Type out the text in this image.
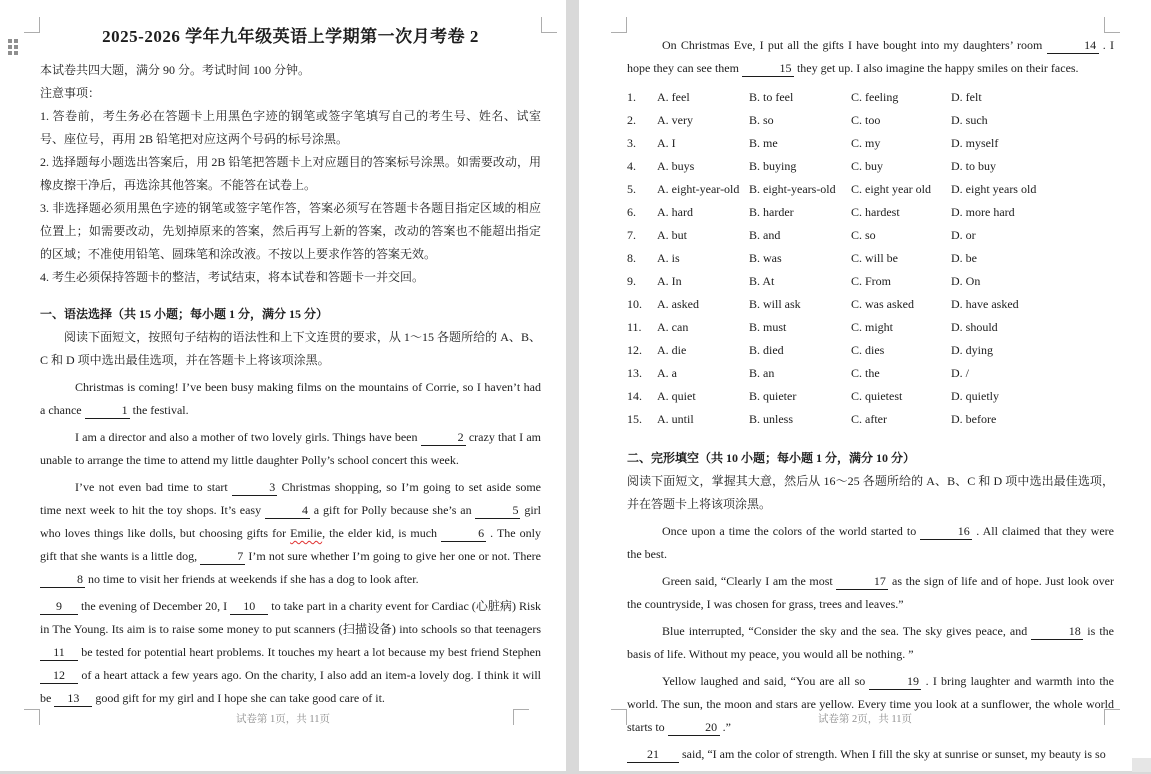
2025-2026 学年九年级英语上学期第一次月考卷 2

本试卷共四大题，满分 90 分。考试时间 100 分钟。

注意事项：

1. 答卷前，考生务必在答题卡上用黑色字迹的钢笔或签字笔填写自己的考生号、姓名、试室号、座位号，再用 2B 铅笔把对应这两个号码的标号涂黑。

2. 选择题每小题选出答案后，用 2B 铅笔把答题卡上对应题目的答案标号涂黑。如需要改动，用橡皮擦干净后，再选涂其他答案。不能答在试卷上。

3. 非选择题必须用黑色字迹的钢笔或签字笔作答，答案必须写在答题卡各题目指定区域的相应位置上；如需要改动，先划掉原来的答案，然后再写上新的答案，改动的答案也不能超出指定的区域；不准使用铅笔、圆珠笔和涂改液。不按以上要求作答的答案无效。

4. 考生必须保持答题卡的整洁，考试结束，将本试卷和答题卡一并交回。

一、语法选择（共 15 小题；每小题 1 分，满分 15 分）

阅读下面短文，按照句子结构的语法性和上下文连贯的要求，从 1～15 各题所给的 A、B、C 和 D 项中选出最佳选项，并在答题卡上将该项涂黑。

Christmas is coming! I’ve been busy making films on the mountains of Corrie, so I haven’t had a chance	1 the festival.

I am a director and also a mother of two lovely girls. Things have been	2 crazy that I am unable to arrange the time to attend my little daughter Polly’s school concert this week.

I’ve not even bad time to start	3 Christmas shopping, so I’m going to set aside some time next week to hit the toy shops. It’s easy	4 a gift for Polly because she’s an	5 girl who loves things like dolls, but choosing gifts for Emilie, the elder kid, is much	6 . The only gift that she wants is a little dog,	7 I’m not sure whether I’m going to give her one or not. There 8 no time to visit her friends at weekends if she has a dog to look after.

9 the evening of December 20, I 10 to take part in a charity event for Cardiac (心脏病) Risk in The Young. Its aim is to raise some money to put scanners (扫描设备) into schools so that teenagers 11 be tested for potential heart problems. It touches my heart a lot because my best friend Stephen 12 of a heart attack a few years ago. On the charity, I also add an item-a lovely dog. I think it will be 13 good gift for my girl and I hope she can take good care of it.

试卷第 1页，共 11页

On Christmas Eve, I put all the gifts I have bought into my daughters’ room	14 . I hope they can see them	15 they get up. I also imagine the happy smiles on their faces.

1.	A. feel	B. to feel	C. feeling	D. felt
2.	A. very	B. so	C. too	D. such
3.	A. I	B. me	C. my	D. myself
4.	A. buys	B. buying	C. buy	D. to buy
5.	A. eight-year-old B. eight-years-old	C. eight year old	D. eight years old
6.	A. hard	B. harder	C. hardest	D. more hard
7.	A. but	B. and	C. so	D. or
8.	A. is	B. was	C. will be	D. be
9.	A. In	B. At	C. From	D. On
10.	A. asked	B. will ask	C. was asked	D. have asked
11.	A. can	B. must	C. might	D. should
12.	A. die	B. died	C. dies	D. dying
13.	A. a	B. an	C. the	D. /
14.	A. quiet	B. quieter	C. quietest	D. quietly
15.	A. until	B. unless	C. after	D. before
二、完形填空（共 10 小题；每小题 1 分，满分 10 分）

阅读下面短文，掌握其大意，然后从 16～25 各题所给的 A、B、C 和 D 项中选出最佳选项，并在答题卡上将该项涂黑。

Once upon a time the colors of the world started to	16 . All claimed that they were the best.

Green said, “Clearly I am the most	17 as the sign of life and of hope. Just look over the countryside, I was chosen for grass, trees and leaves.”

Blue interrupted, “Consider the sky and the sea. The sky gives peace, and	18 is the basis of life. Without my peace, you would all be nothing. ”

Yellow laughed and said, “You are all so	19 . I bring laughter and warmth into the world. The sun, the moon and stars are yellow. Every time you look at a sunflower, the whole world starts to	20 .”

21 said, “I am the color of strength. When I fill the sky at sunrise or sunset, my beauty is so

试卷第 2页，共 11页
